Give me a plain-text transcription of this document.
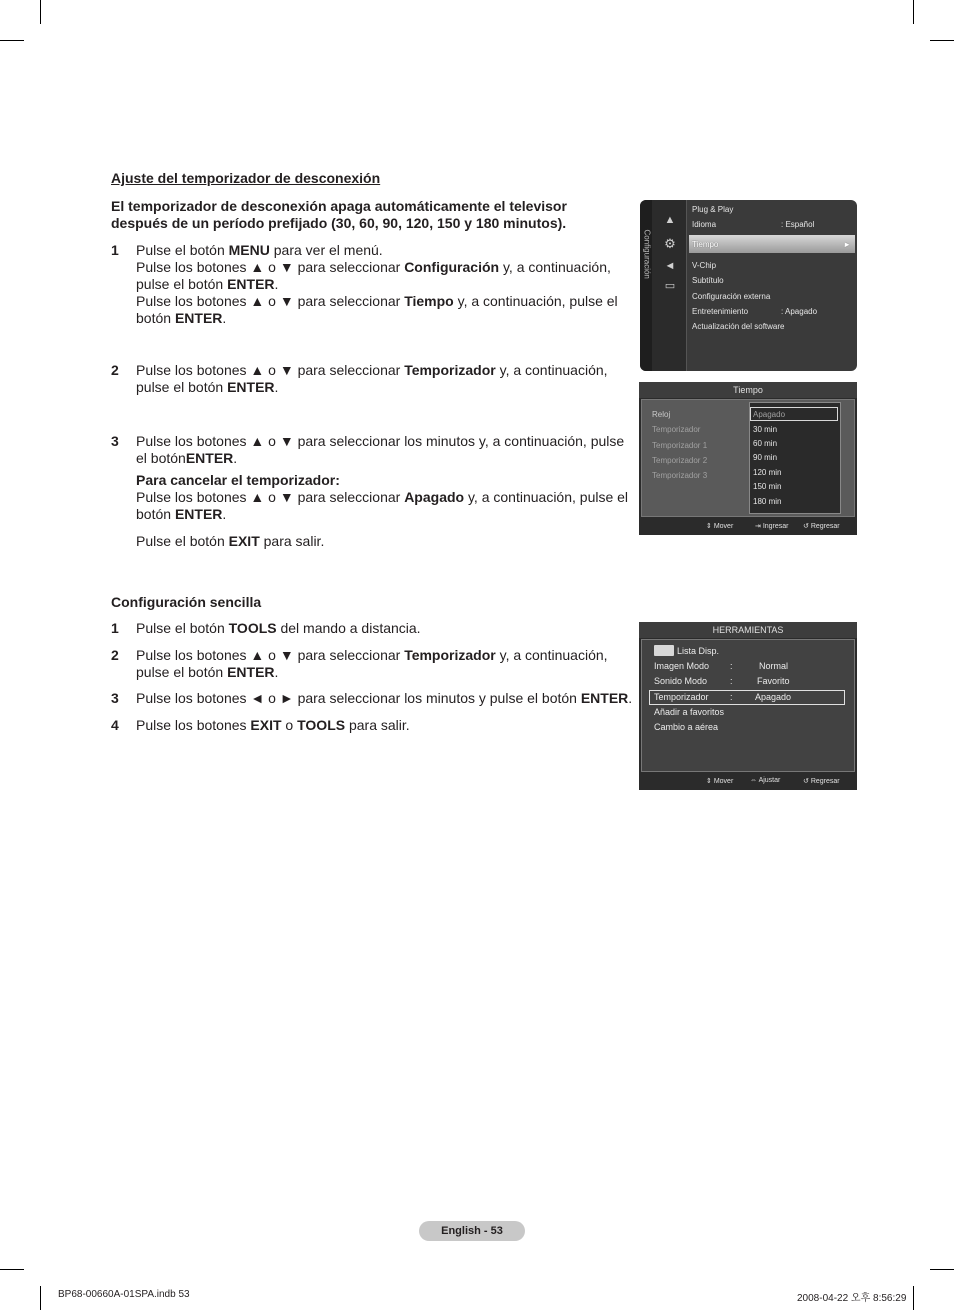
Ajuste del temporizador de desconexión
El temporizador de desconexión apaga automáticamente el televisor después de un período prefijado (30, 60, 90, 120, 150 y 180 minutos).
1 Pulse el botón MENU para ver el menú.
Pulse los botones ▲ o ▼ para seleccionar Configuración y, a continuación, pulse el botón ENTER.
Pulse los botones ▲ o ▼ para seleccionar Tiempo y, a continuación, pulse el botón ENTER.
2 Pulse los botones ▲ o ▼ para seleccionar Temporizador y, a continuación, pulse el botón ENTER.
3 Pulse los botones ▲ o ▼ para seleccionar los minutos y, a continuación, pulse el botónENTER.
Para cancelar el temporizador:
Pulse los botones ▲ o ▼ para seleccionar Apagado y, a continuación, pulse el botón ENTER.
Pulse el botón EXIT para salir.
Configuración sencilla
1 Pulse el botón TOOLS del mando a distancia.
2 Pulse los botones ▲ o ▼ para seleccionar Temporizador y, a continuación, pulse el botón ENTER.
3 Pulse los botones ◄ o ► para seleccionar los minutos y pulse el botón ENTER.
4 Pulse los botones EXIT o TOOLS para salir.
Configuración
▲
⚙
◄
▭
Plug & Play
Idioma	: Español
Tiempo	►
V-Chip
Subtítulo
Configuración externa
Entretenimiento	: Apagado
Actualización del software
Tiempo
Reloj
Temporizador
Temporizador 1
Temporizador 2
Temporizador 3
Apagado
30 min
60 min
90 min
120 min
150 min
180 min
⇕ Mover	⇥ Ingresar ↺ Regresar
HERRAMIENTAS
Lista Disp.
Imagen Modo :	Normal
Sonido Modo	:	Favorito
Temporizador : Apagado
Añadir a favoritos
Cambio a aérea
⇕ Mover ⇔ Ajustar	↺ Regresar
English - 53
BP68-00660A-01SPA.indb 53	2008-04-22 오후 8:56:29
